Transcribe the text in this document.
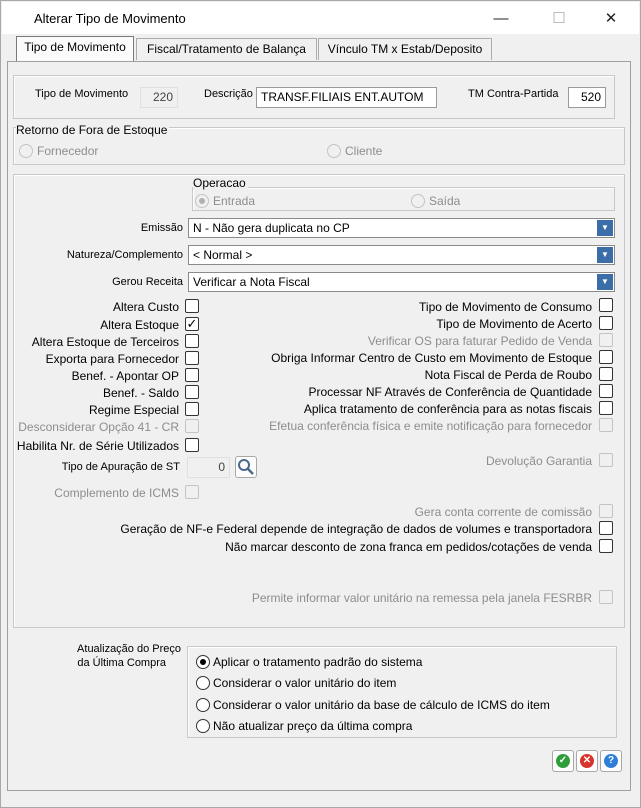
Alterar Tipo de Movimento	—	☐	✕
Tipo de Movimento	Fiscal/Tratamento de Balança	Vínculo TM x Estab/Deposito
Tipo de Movimento	220	Descrição TRANSF.FILIAIS ENT.AUTOM	TM Contra-Partida	520
Retorno de Fora de Estoque
Fornecedor	Cliente
Operacao
Entrada	Saída
Emissão N - Não gera duplicata no CP	▼
Natureza/Complemento < Normal >	▼
Gerou Receita Verificar a Nota Fiscal	▼
Altera Custo
Altera Estoque ✓
Altera Estoque de Terceiros
Exporta para Fornecedor
Benef. - Apontar OP
Benef. - Saldo
Regime Especial
Desconsiderar Opção 41 - CR
Habilita Nr. de Série Utilizados
Tipo de Movimento de Consumo
Tipo de Movimento de Acerto
Verificar OS para faturar Pedido de Venda
Obriga Informar Centro de Custo em Movimento de Estoque
Nota Fiscal de Perda de Roubo
Processar NF Através de Conferência de Quantidade
Aplica tratamento de conferência para as notas fiscais
Efetua conferência física e emite notificação para fornecedor
Tipo de Apuração de ST	0	Devolução Garantia
Complemento de ICMS
Gera conta corrente de comissão
Geração de NF-e Federal depende de integração de dados de volumes e transportadora
Não marcar desconto de zona franca em pedidos/cotações de venda
Permite informar valor unitário na remessa pela janela FESRBR
Atualização do Preço
da Última Compra	Aplicar o tratamento padrão do sistema
Considerar o valor unitário do item
Considerar o valor unitário da base de cálculo de ICMS do item
Não atualizar preço da última compra
✓ ✕	?
